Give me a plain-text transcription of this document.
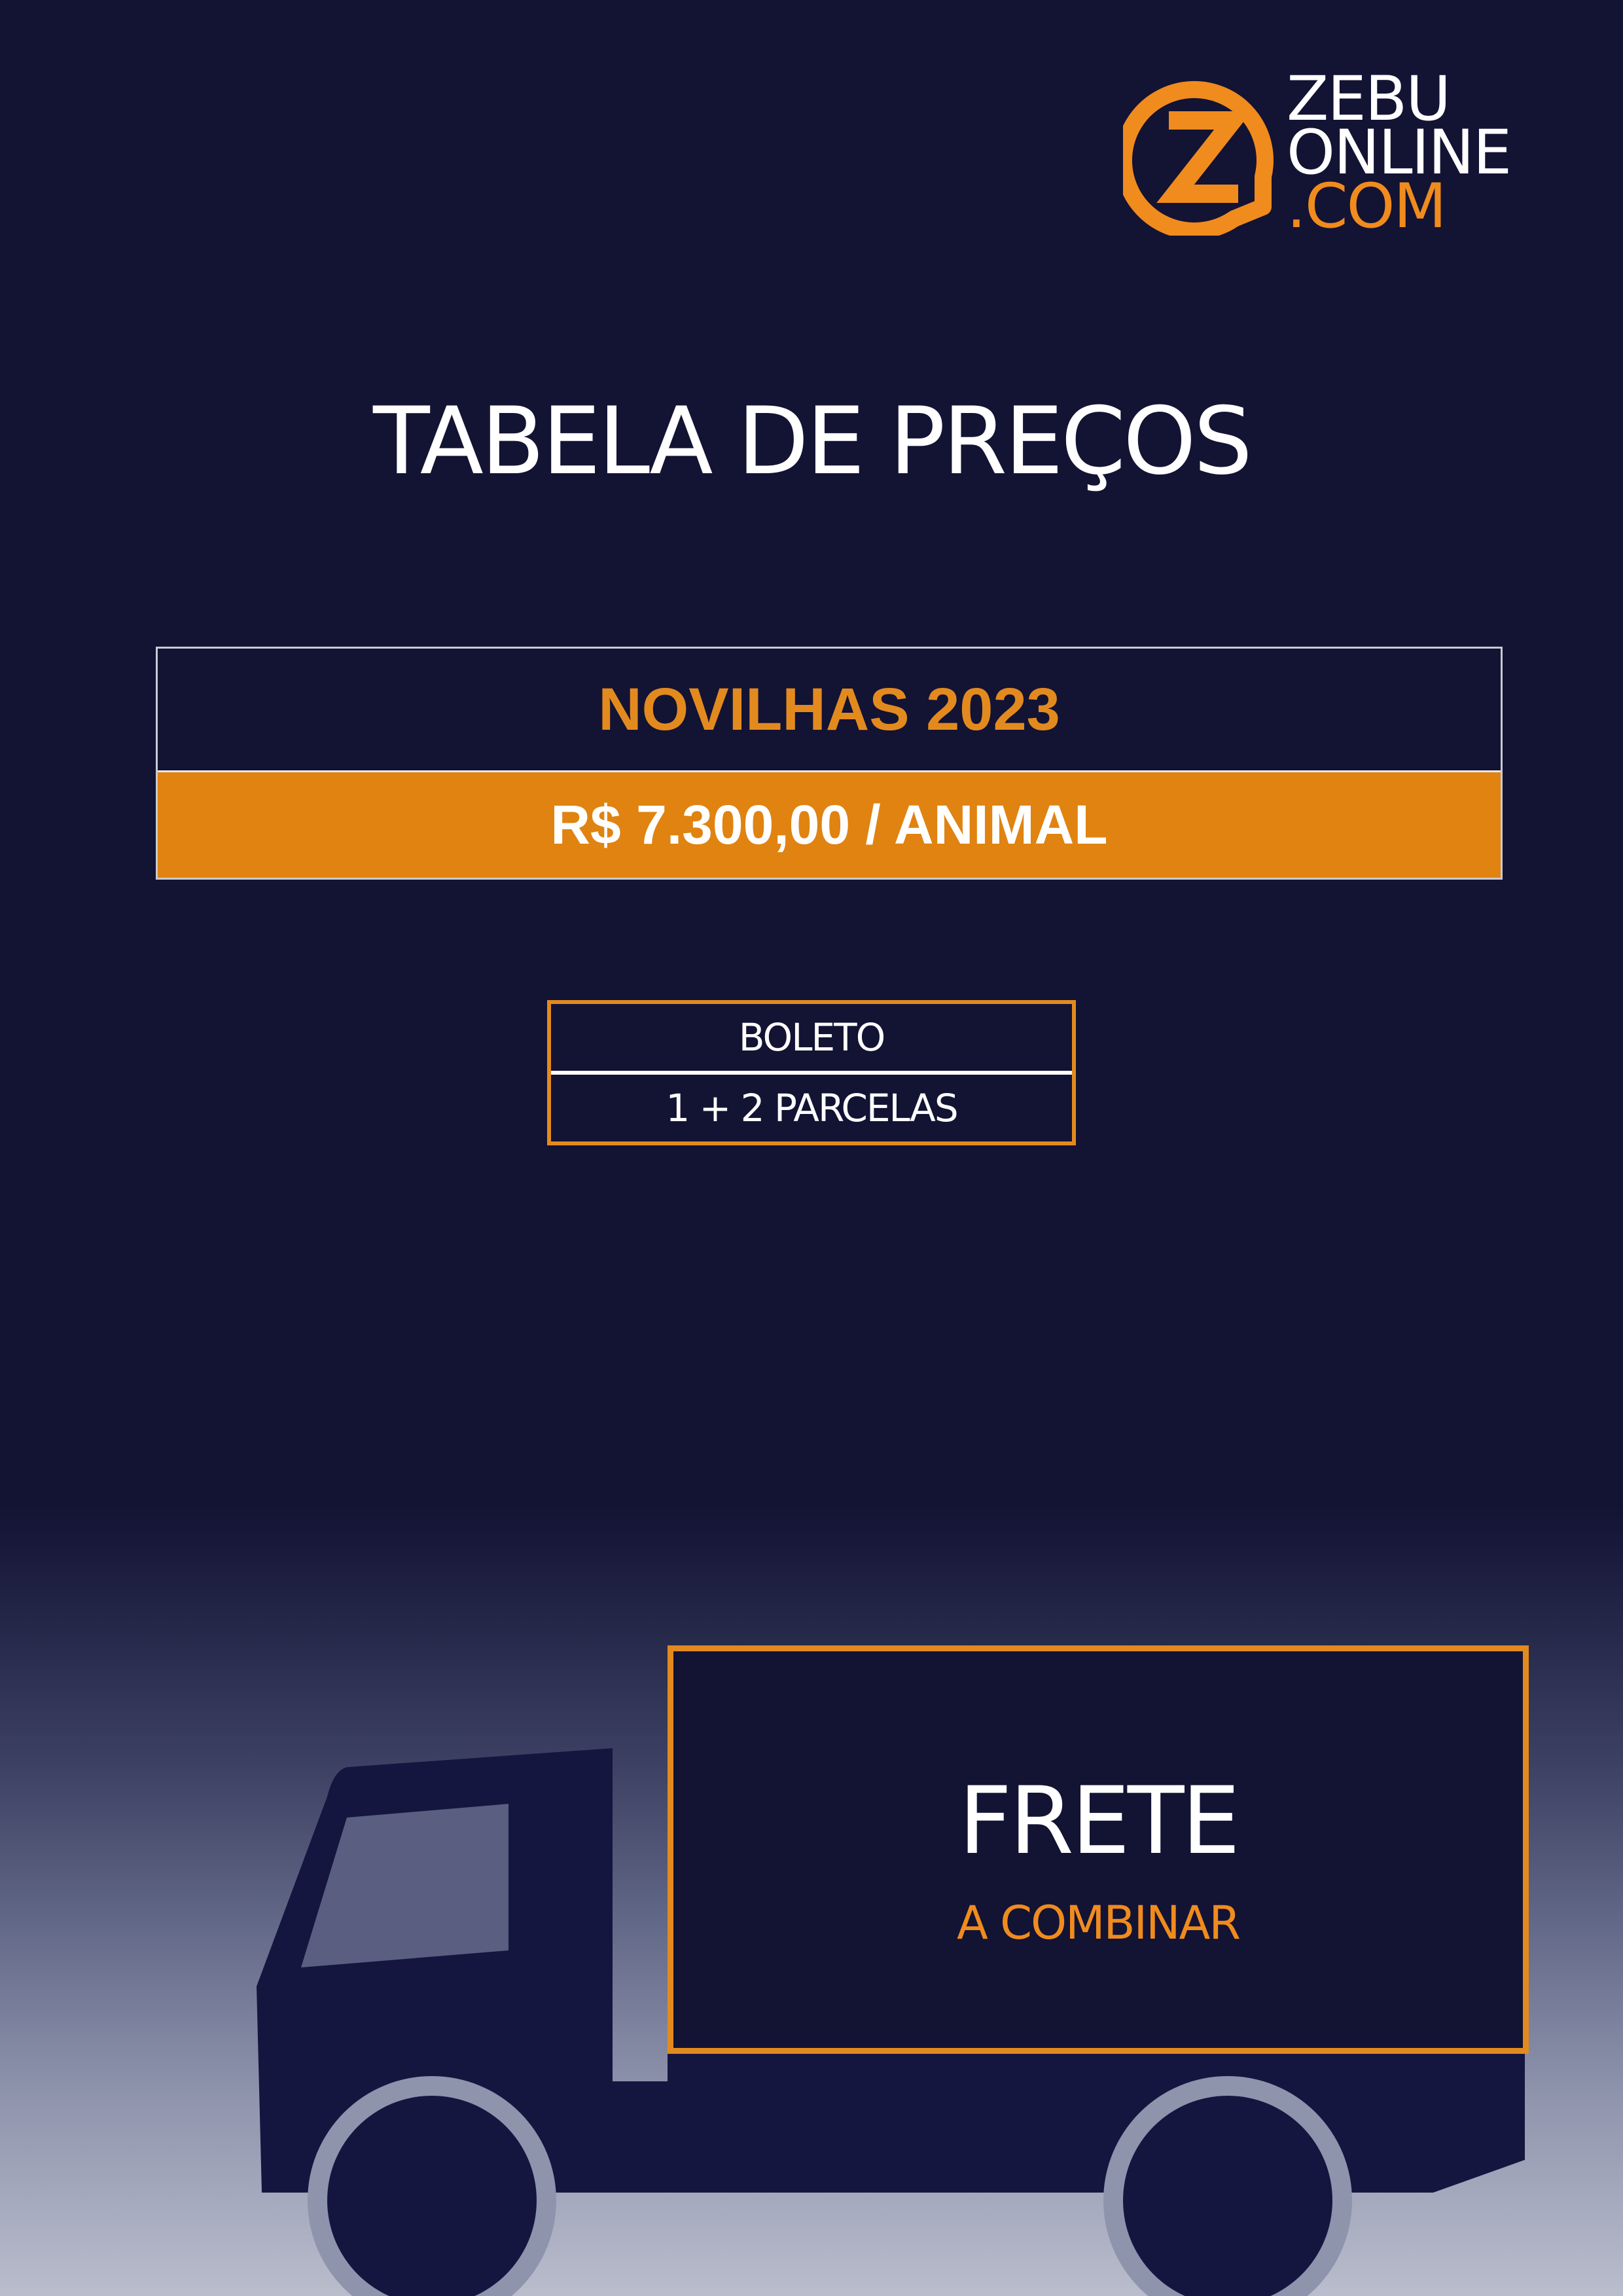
ZEBU
ONLINE
.COM
TABELA DE PREÇOS
NOVILHAS 2023
R$ 7.300,00 / ANIMAL
BOLETO
1 + 2 PARCELAS
FRETE
A COMBINAR
